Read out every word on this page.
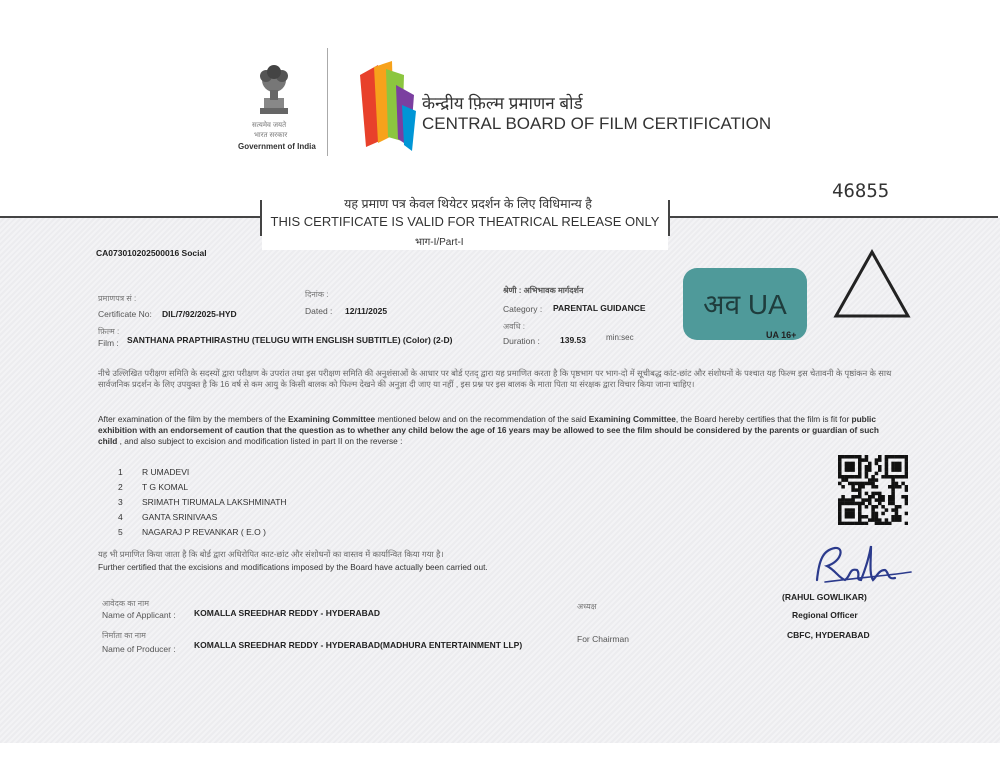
सत्यमेव जयते
भारत सरकार
Government of India
केन्द्रीय फ़िल्म प्रमाणन बोर्ड
CENTRAL BOARD OF FILM CERTIFICATION
46855
यह प्रमाण पत्र केवल थियेटर प्रदर्शन के लिए विधिमान्य है
THIS CERTIFICATE IS VALID FOR THEATRICAL RELEASE ONLY
भाग-I/Part-I
CA073010202500016 Social
प्रमाणपत्र सं :
Certificate No: DIL/7/92/2025-HYD
दिनांक :
Dated : 12/11/2025
श्रेणी : अभिभावक मार्गदर्शन
Category : PARENTAL GUIDANCE
फ़िल्म :
Film : SANTHANA PRAPTHIRASTHU (TELUGU WITH ENGLISH SUBTITLE) (Color) (2-D)
अवधि :
Duration : 139.53	min:sec
अव UA
UA 16+
नीचे उल्लिखित परीक्षण समिति के सदस्यों द्वारा परीक्षण के उपरांत तथा इस परीक्षण समिति की अनुशंसाओं के आधार पर बोर्ड एतद् द्वारा यह प्रमाणित करता है कि पृष्ठभाग पर भाग-दो में सूचीबद्ध कांट-छांट और संशोधनों के पश्चात यह फिल्म इस चेतावनी के पृष्ठांकन के साथ सार्वजनिक प्रदर्शन के लिए उपयुक्त है कि 16 वर्ष से कम आयु के किसी बालक को फिल्म देखने की अनुज्ञा दी जाए या नहीं , इस प्रश्न पर इस बालक के माता पिता या संरक्षक द्वारा विचार किया जाना चाहिए।
After examination of the film by the members of the Examining Committee mentioned below and on the recommendation of the said Examining Committee, the Board hereby certifies that the film is fit for public exhibition with an endorsement of caution that the question as to whether any child below the age of 16 years may be allowed to see the film should be considered by the parents or guardian of such child , and also subject to excision and modification listed in part II on the reverse :
1 R UMADEVI
2 T G KOMAL
3 SRIMATH TIRUMALA LAKSHMINATH
4 GANTA SRINIVAAS
5 NAGARAJ P REVANKAR ( E.O )
यह भी प्रमाणित किया जाता है कि बोर्ड द्वारा अधिरोपित काट-छांट और संशोधनों का वास्तव में कार्यान्वित किया गया है।
Further certified that the excisions and modifications imposed by the Board have actually been carried out.
आवेदक का नाम
Name of Applicant : KOMALLA SREEDHAR REDDY - HYDERABAD
निर्माता का नाम
Name of Producer : KOMALLA SREEDHAR REDDY - HYDERABAD(MADHURA ENTERTAINMENT LLP)
अध्यक्ष
For Chairman
(RAHUL GOWLIKAR)
Regional Officer
CBFC, HYDERABAD
